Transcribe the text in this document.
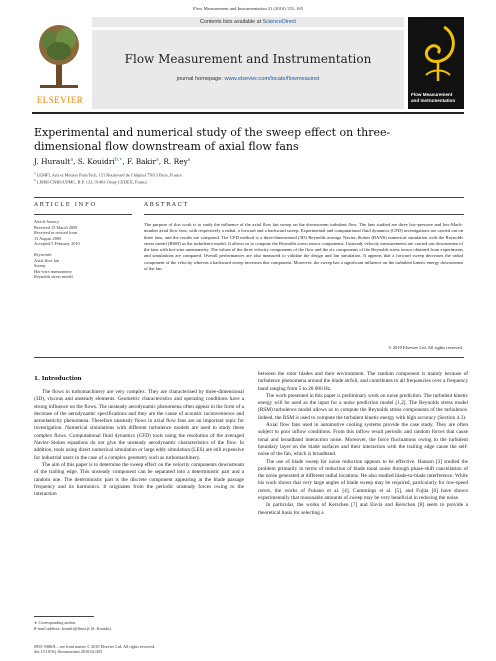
Flow Measurement and Instrumentation 21 (2010) 155–165
ELSEVIER
Contents lists available at ScienceDirect
Flow Measurement and Instrumentation
journal homepage: www.elsevier.com/locate/flowmeasinst
Flow Measurement and Instrumentation
Experimental and numerical study of the sweep effect on three-dimensional flow downstream of axial flow fans
J. Hurault$^a$, S. Kouidri$^{b,∗}$, F. Bakir$^a$, R. Rey$^a$
$^a$ LEMFI, Arts et Metiers ParisTech, 151 Boulevard de l’hôpital 75013 Paris, France
$^b$ LIMSI-CNRS/UPMC, B.P. 133, 91403 Orsay CEDEX, France
ARTICLE INFO	ABSTRACT
Article history:
Received 15 March 2009
Received in revised form
13 August 2009
Accepted 5 February 2010
Keywords:
Axial flow fan
Sweep
Hot-wire anemometry
Reynolds stress model
The purpose of this work is to study the influence of the axial flow fan sweep on the downstream turbulent flow. The fans studied are three low-pressure and low-Mach-number axial flow fans, with respectively a radial, a forward and a backward sweep. Experimental and computational fluid dynamics (CFD) investigations are carried out on three fans, and the results are compared. The CFD method is a three-dimensional (3D) Reynolds average Navier–Stokes (RANS) numerical simulation with the Reynolds stress model (RSM) as the turbulence model. It allows us to compute the Reynolds stress tensor components. Unsteady velocity measurements are carried out downstream of the fans with hot-wire anemometry. The values of the three velocity components of the flow and the six components of the Reynolds stress tensor obtained from experiments and simulations are compared. Overall performances are also measured to validate the design and fan simulation. It appears that a forward sweep decreases the radial component of the velocity whereas a backward sweep increases this component. Moreover, the sweep has a significant influence on the turbulent kinetic energy downstream of the fan.
© 2010 Elsevier Ltd. All rights reserved.
1. Introduction

The flows in turbomachinery are very complex. They are characterised by three-dimensional (3D), viscous and unsteady elements. Geometric characteristics and operating conditions have a strong influence on the flows. The unsteady aerodynamic phenomena often appear in the form of a decrease of the aerodynamic specifications and they are the cause of acoustic inconvenience and aeroelasticity phenomena. Therefore unsteady flows in axial flow fans are an important topic for investigation. Numerical simulations with different turbulence models are used to study these complex flows. Computational fluid dynamics (CFD) tools using the resolution of the averaged Navier–Stokes equations do not give the unsteady aerodynamic characteristics of the flow. In addition, tools using direct numerical simulation or large eddy simulation (LES) are still expensive for industrial users in the case of a complex geometry such as turbomachinery.

The aim of this paper is to determine the sweep effect on the velocity components downstream of the trailing edge. This unsteady component can be separated into a deterministic part and a random one. The deterministic part is the discrete component appearing at the blade passage frequency and its harmonics. It originates from the periodic unsteady forces owing to the interaction

between the rotor blades and their environment. The random component is mainly because of turbulence phenomena around the blade airfoil, and contributes to all frequencies over a frequency band ranging from 5 to 20 000 Hz.

The work presented in this paper is preliminary work on noise prediction. The turbulent kinetic energy will be used as the input for a noise prediction model [1,2]. The Reynolds stress model (RSM) turbulence model allows us to compute the Reynolds stress components of the turbulence. Indeed, the RSM is used to compute the turbulent kinetic energy with high accuracy (Section 4.3).

Axial flow fans used in automotive cooling systems provide the case study. They are often subject to poor inflow conditions. From this inflow result periodic and random forces that cause tonal and broadband interaction noise. Moreover, the force fluctuations owing to the turbulent boundary layer on the blade surfaces and their interaction with the trailing edge cause the self-noise of the fan, which is broadband.

The use of blade sweep for noise reduction appears to be effective. Hanson [3] studied the problem primarily in terms of reduction of blade tonal noise through phase-shift cancellation of the noise generated at different radial locations. He also studied blade-to-blade interference. While his work shows that very large angles of blade sweep may be required, particularly for low-speed rotors, the works of Fukano et al. [4], Cummings et al. [5], and Fujita [6] have shown experimentally that reasonable amounts of sweep may be very beneficial in reducing the noise.

In particular, the works of Kerschen [7] and Envia and Kerschen [8] seem to provide a theoretical basis for selecting a

∗ Corresponding author.
E-mail address: kouidri@limsi.fr (S. Kouidri).
0955-5986/$ – see front matter © 2010 Elsevier Ltd. All rights reserved.
doi:10.1016/j.flowmeasinst.2010.02.003
